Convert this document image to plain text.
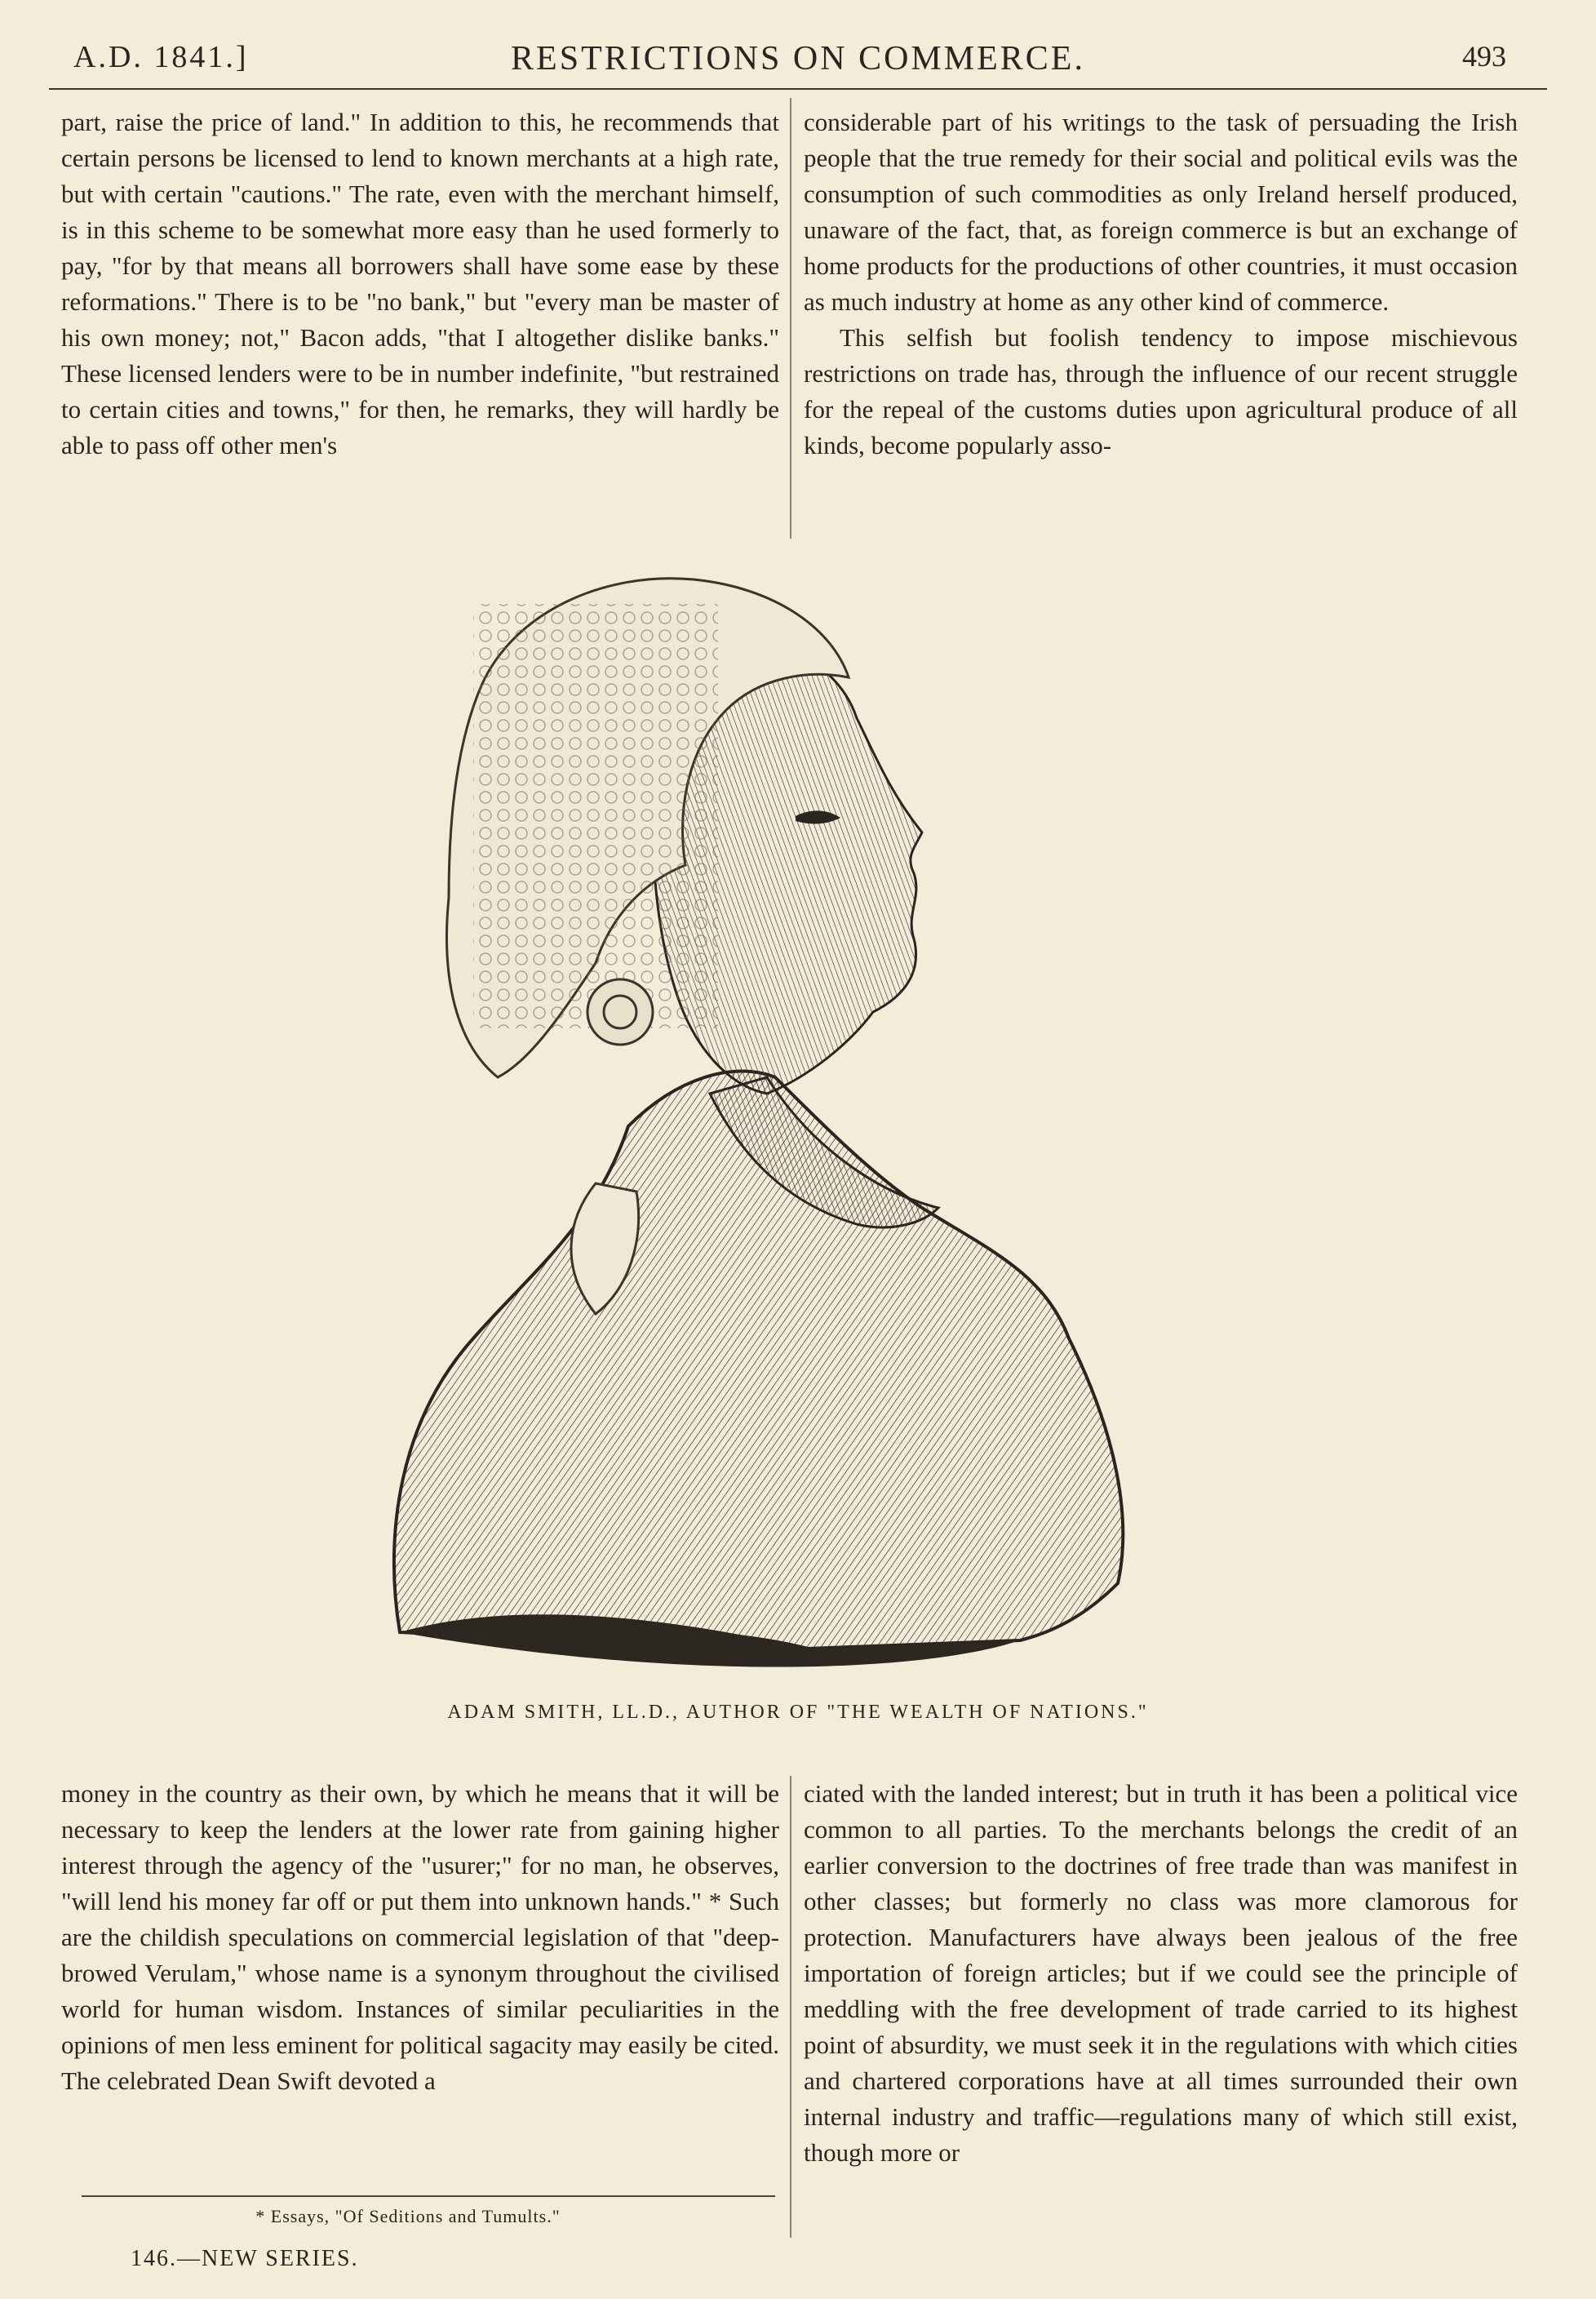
A.D. 1841.]	RESTRICTIONS ON COMMERCE.	493

part, raise the price of land." In addition to this, he recommends that certain persons be licensed to lend to known merchants at a high rate, but with certain "cautions." The rate, even with the merchant himself, is in this scheme to be somewhat more easy than he used formerly to pay, "for by that means all borrowers shall have some ease by these reformations." There is to be "no bank," but "every man be master of his own money; not," Bacon adds, "that I altogether dislike banks." These licensed lenders were to be in number indefinite, "but restrained to certain cities and towns," for then, he remarks, they will hardly be able to pass off other men's

considerable part of his writings to the task of persuading the Irish people that the true remedy for their social and political evils was the consumption of such commodities as only Ireland herself produced, unaware of the fact, that, as foreign commerce is but an exchange of home products for the productions of other countries, it must occasion as much industry at home as any other kind of commerce.

This selfish but foolish tendency to impose mischievous restrictions on trade has, through the influence of our recent struggle for the repeal of the customs duties upon agricultural produce of all kinds, become popularly asso-

ADAM SMITH, LL.D., AUTHOR OF "THE WEALTH OF NATIONS."

money in the country as their own, by which he means that it will be necessary to keep the lenders at the lower rate from gaining higher interest through the agency of the "usurer;" for no man, he observes, "will lend his money far off or put them into unknown hands." * Such are the childish speculations on commercial legislation of that "deep-browed Verulam," whose name is a synonym throughout the civilised world for human wisdom. Instances of similar peculiarities in the opinions of men less eminent for political sagacity may easily be cited. The celebrated Dean Swift devoted a

ciated with the landed interest; but in truth it has been a political vice common to all parties. To the merchants belongs the credit of an earlier conversion to the doctrines of free trade than was manifest in other classes; but formerly no class was more clamorous for protection. Manufacturers have always been jealous of the free importation of foreign articles; but if we could see the principle of meddling with the free development of trade carried to its highest point of absurdity, we must seek it in the regulations with which cities and chartered corporations have at all times surrounded their own internal industry and traffic—regulations many of which still exist, though more or

* Essays, "Of Seditions and Tumults."
146.—NEW SERIES.
